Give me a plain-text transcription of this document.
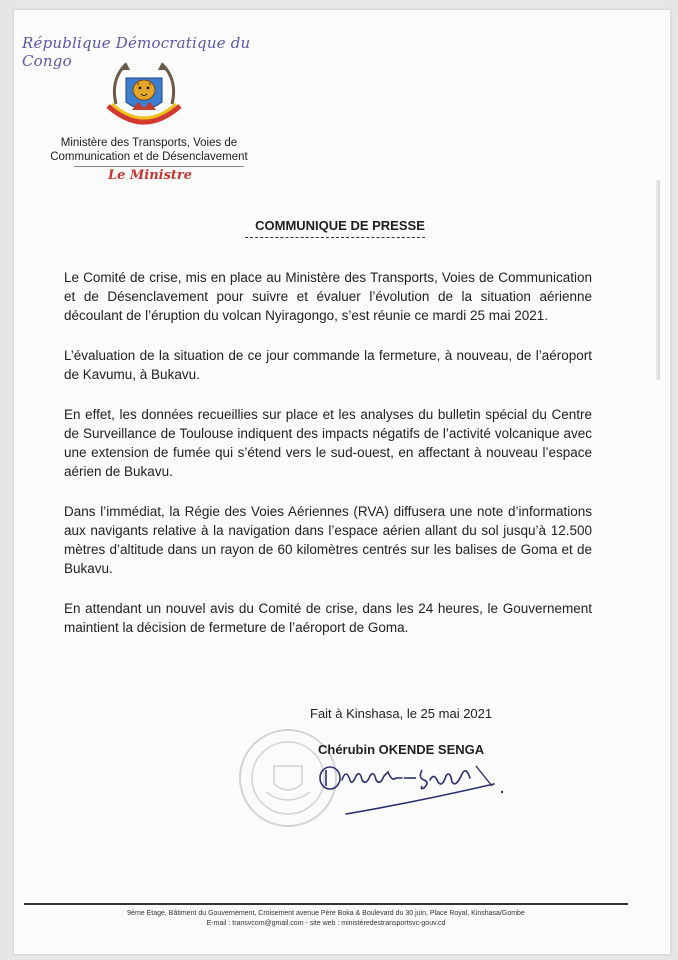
République Démocratique du Congo
Ministère des Transports, Voies de
Communication et de Désenclavement
Le Ministre
COMMUNIQUE DE PRESSE

Le Comité de crise, mis en place au Ministère des Transports, Voies de Communication et de Désenclavement pour suivre et évaluer l’évolution de la situation aérienne découlant de l’éruption du volcan Nyiragongo, s’est réunie ce mardi 25 mai 2021.

L’évaluation de la situation de ce jour commande la fermeture, à nouveau, de l’aéroport de Kavumu, à Bukavu.

En effet, les données recueillies sur place et les analyses du bulletin spécial du Centre de Surveillance de Toulouse indiquent des impacts négatifs de l’activité volcanique avec une extension de fumée qui s’étend vers le sud-ouest, en affectant à nouveau l’espace aérien de Bukavu.

Dans l’immédiat, la Régie des Voies Aériennes (RVA) diffusera une note d’informations aux navigants relative à la navigation dans l’espace aérien allant du sol jusqu’à 12.500 mètres d’altitude dans un rayon de 60 kilomètres centrés sur les balises de Goma et de Bukavu.

En attendant un nouvel avis du Comité de crise, dans les 24 heures, le Gouvernement maintient la décision de fermeture de l’aéroport de Goma.

Fait à Kinshasa, le 25 mai 2021
Chérubin OKENDE SENGA
9ème Etage, Bâtiment du Gouvernement, Croisement avenue Père Boka & Boulevard du 30 juin, Place Royal, Kinshasa/Gombe
E-mail : transvcom@gmail.com - site web : ministèredestransportsvc-gouv.cd
